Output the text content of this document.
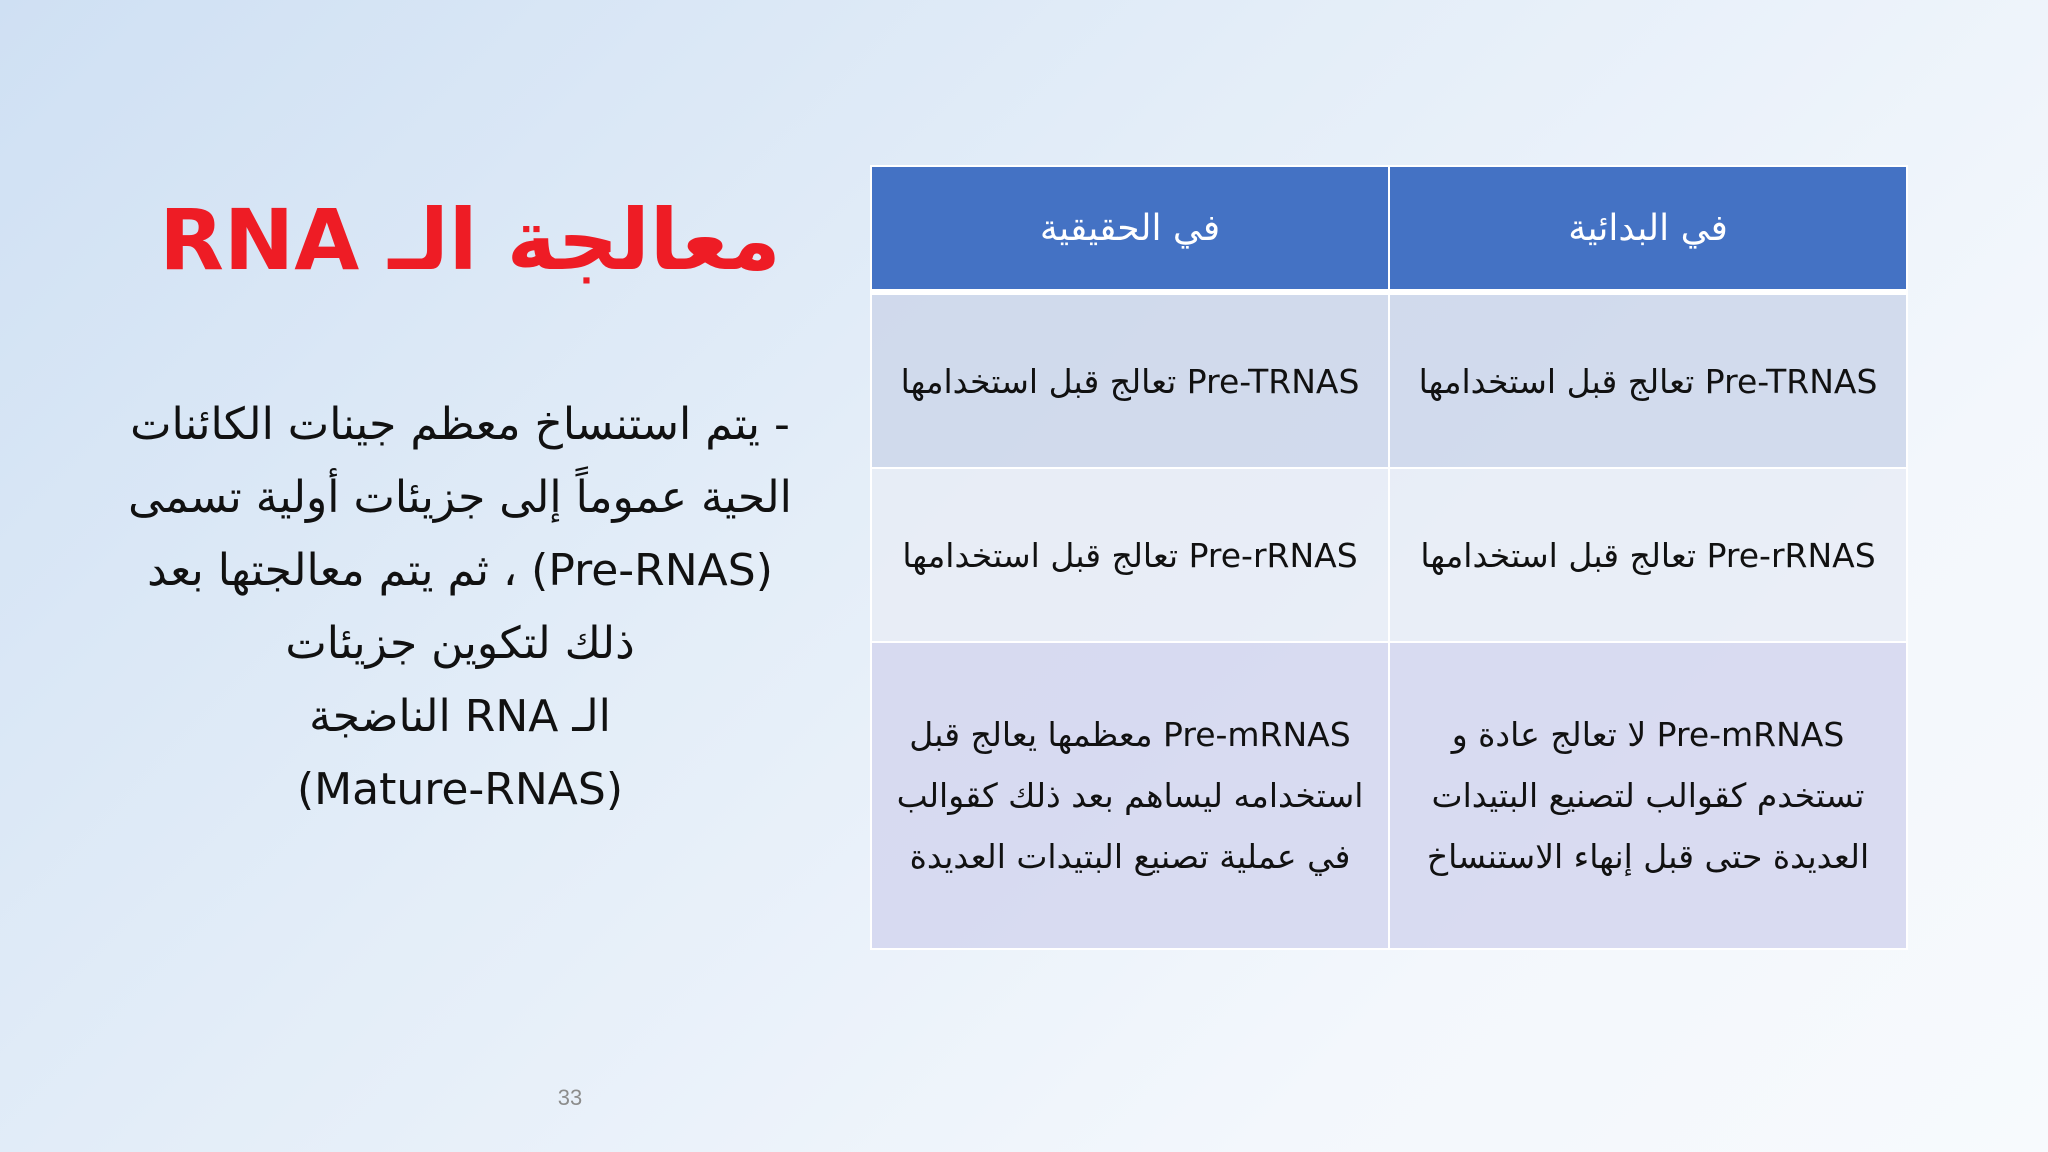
معالجة الـ RNA
- يتم استنساخ معظم جينات الكائنات
الحية عموماً إلى جزيئات أولية تسمى
(Pre-RNAS) ، ثم يتم معالجتها بعد
ذلك لتكوين جزيئات
الـ RNA الناضجة
(Mature-RNAS)
في البدائية	في الحقيقية
Pre-TRNAS تعالج قبل استخدامها	Pre-TRNAS تعالج قبل استخدامها
Pre-rRNAS تعالج قبل استخدامها	Pre-rRNAS تعالج قبل استخدامها
Pre-mRNAS لا تعالج عادة و تستخدم كقوالب لتصنيع البتيدات العديدة حتى قبل إنهاء الاستنساخ	Pre-mRNAS معظمها يعالج قبل استخدامه ليساهم بعد ذلك كقوالب في عملية تصنيع البتيدات العديدة
33
